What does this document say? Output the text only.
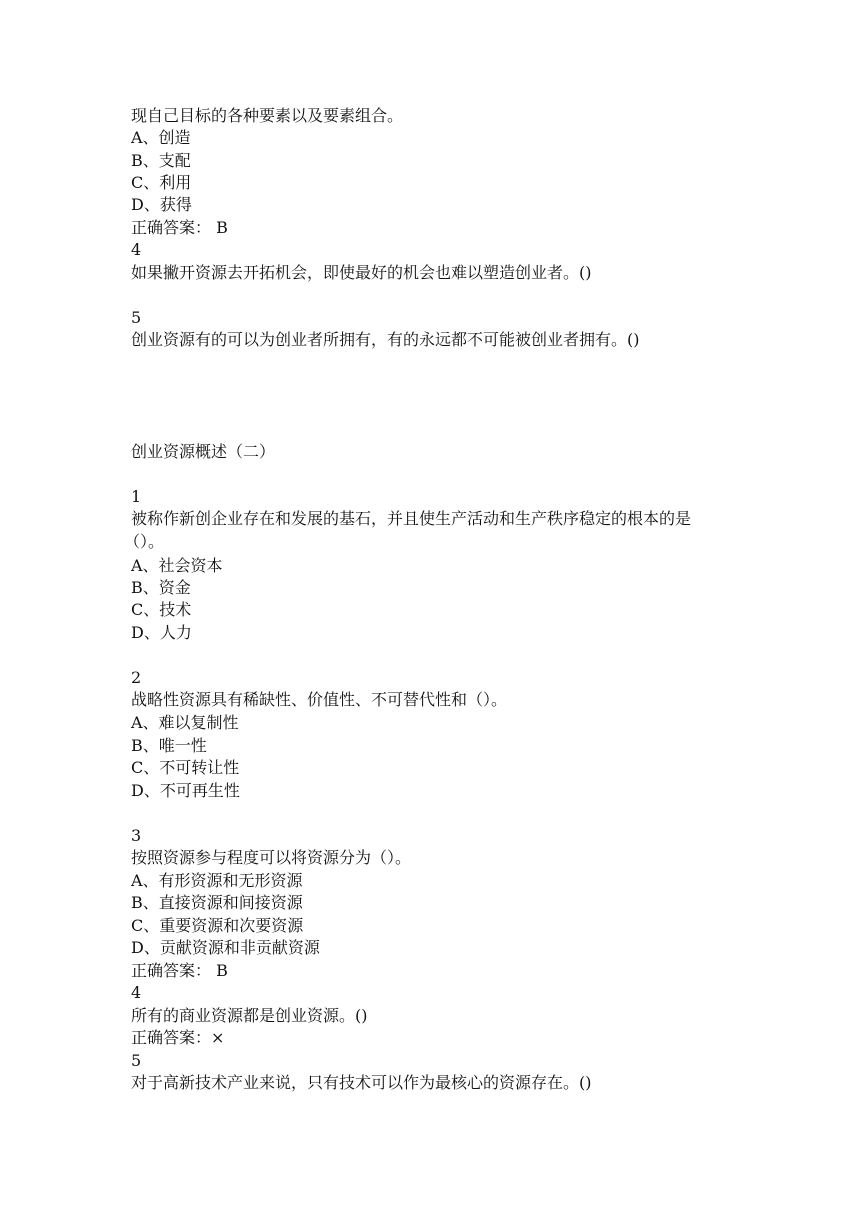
现自己目标的各种要素以及要素组合。
A、创造
B、支配
C、利用
D、获得
正确答案： B
4
如果撇开资源去开拓机会，即使最好的机会也难以塑造创业者。()
5
创业资源有的可以为创业者所拥有，有的永远都不可能被创业者拥有。()
创业资源概述（二）
1
被称作新创企业存在和发展的基石，并且使生产活动和生产秩序稳定的根本的是
（）。
A、社会资本
B、资金
C、技术
D、人力
2
战略性资源具有稀缺性、价值性、不可替代性和（）。
A、难以复制性
B、唯一性
C、不可转让性
D、不可再生性
3
按照资源参与程度可以将资源分为（）。
A、有形资源和无形资源
B、直接资源和间接资源
C、重要资源和次要资源
D、贡献资源和非贡献资源
正确答案： B
4
所有的商业资源都是创业资源。()
正确答案：×
5
对于高新技术产业来说，只有技术可以作为最核心的资源存在。()
